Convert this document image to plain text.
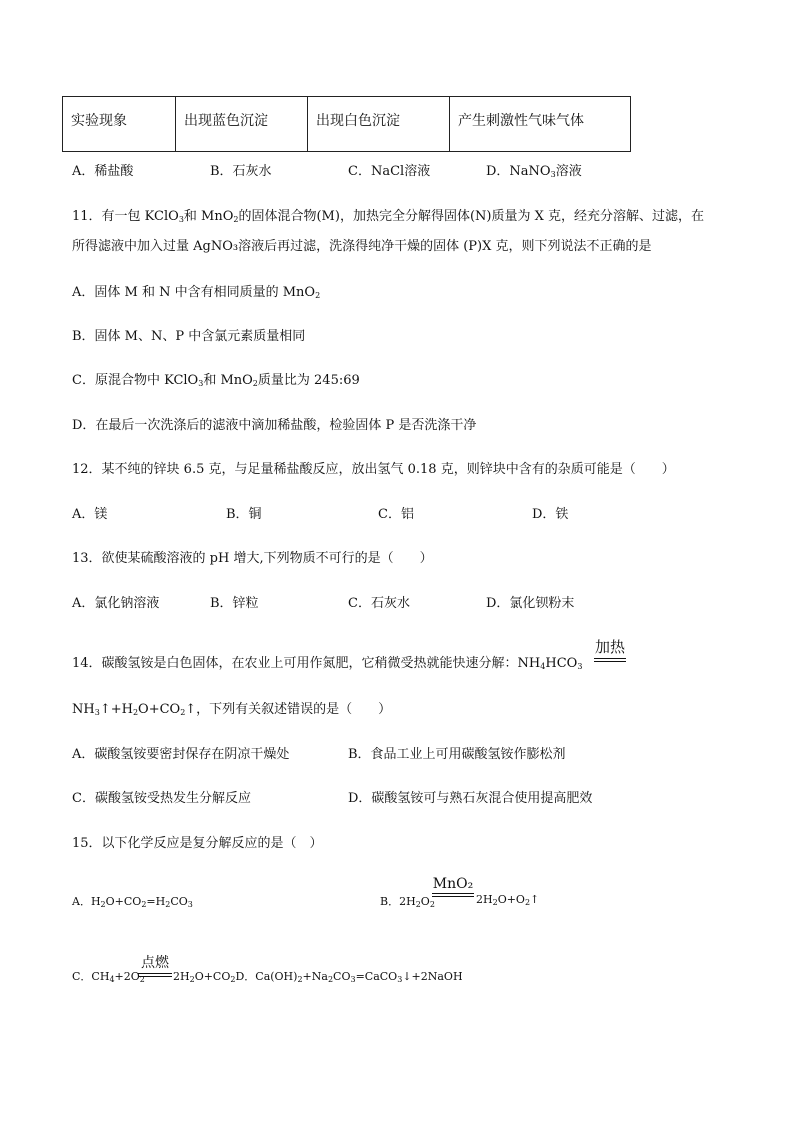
实验现象	出现蓝色沉淀	出现白色沉淀	产生刺激性气味气体
A．稀盐酸	B．石灰水	C．NaCl溶液	D．NaNO$_3$溶液
11．有一包 KClO$_3$和 MnO$_2$的固体混合物(M)，加热完全分解得固体(N)质量为 X 克，经充分溶解、过滤，在
所得滤液中加入过量 AgNO₃溶液后再过滤，洗涤得纯净干燥的固体 (P)X 克，则下列说法不正确的是
A．固体 M 和 N 中含有相同质量的 MnO$_2$
B．固体 M、N、P 中含氯元素质量相同
C．原混合物中 KClO$_3$和 MnO$_2$质量比为 245:69
D．在最后一次洗涤后的滤液中滴加稀盐酸，检验固体 P 是否洗涤干净
12．某不纯的锌块 6.5 克，与足量稀盐酸反应，放出氢气 0.18 克，则锌块中含有的杂质可能是（　　）
A．镁	B．铜	C．铝	D．铁
13．欲使某硫酸溶液的 pH 增大,下列物质不可行的是（　　）
A．氯化钠溶液	B．锌粒	C．石灰水	D．氯化钡粉末
14．碳酸氢铵是白色固体，在农业上可用作氮肥，它稍微受热就能快速分解：$NH_4HCO_3$
加热
$NH_3↑+H_2O+CO_2↑$，下列有关叙述错误的是（　　）
A．碳酸氢铵要密封保存在阴凉干燥处	B．食品工业上可用碳酸氢铵作膨松剂
C．碳酸氢铵受热发生分解反应	D．碳酸氢铵可与熟石灰混合使用提高肥效
15．以下化学反应是复分解反应的是（　）
A．$H_2O+CO_2=H_2CO_3$	B．$2H_2O_2$
MnO₂
$2H_2O+O_2↑$
C．$CH_4+2O_2$
点燃
$2H_2O+CO_2D$．$Ca(OH)_2+Na_2CO_3=CaCO_3↓+2NaOH$
